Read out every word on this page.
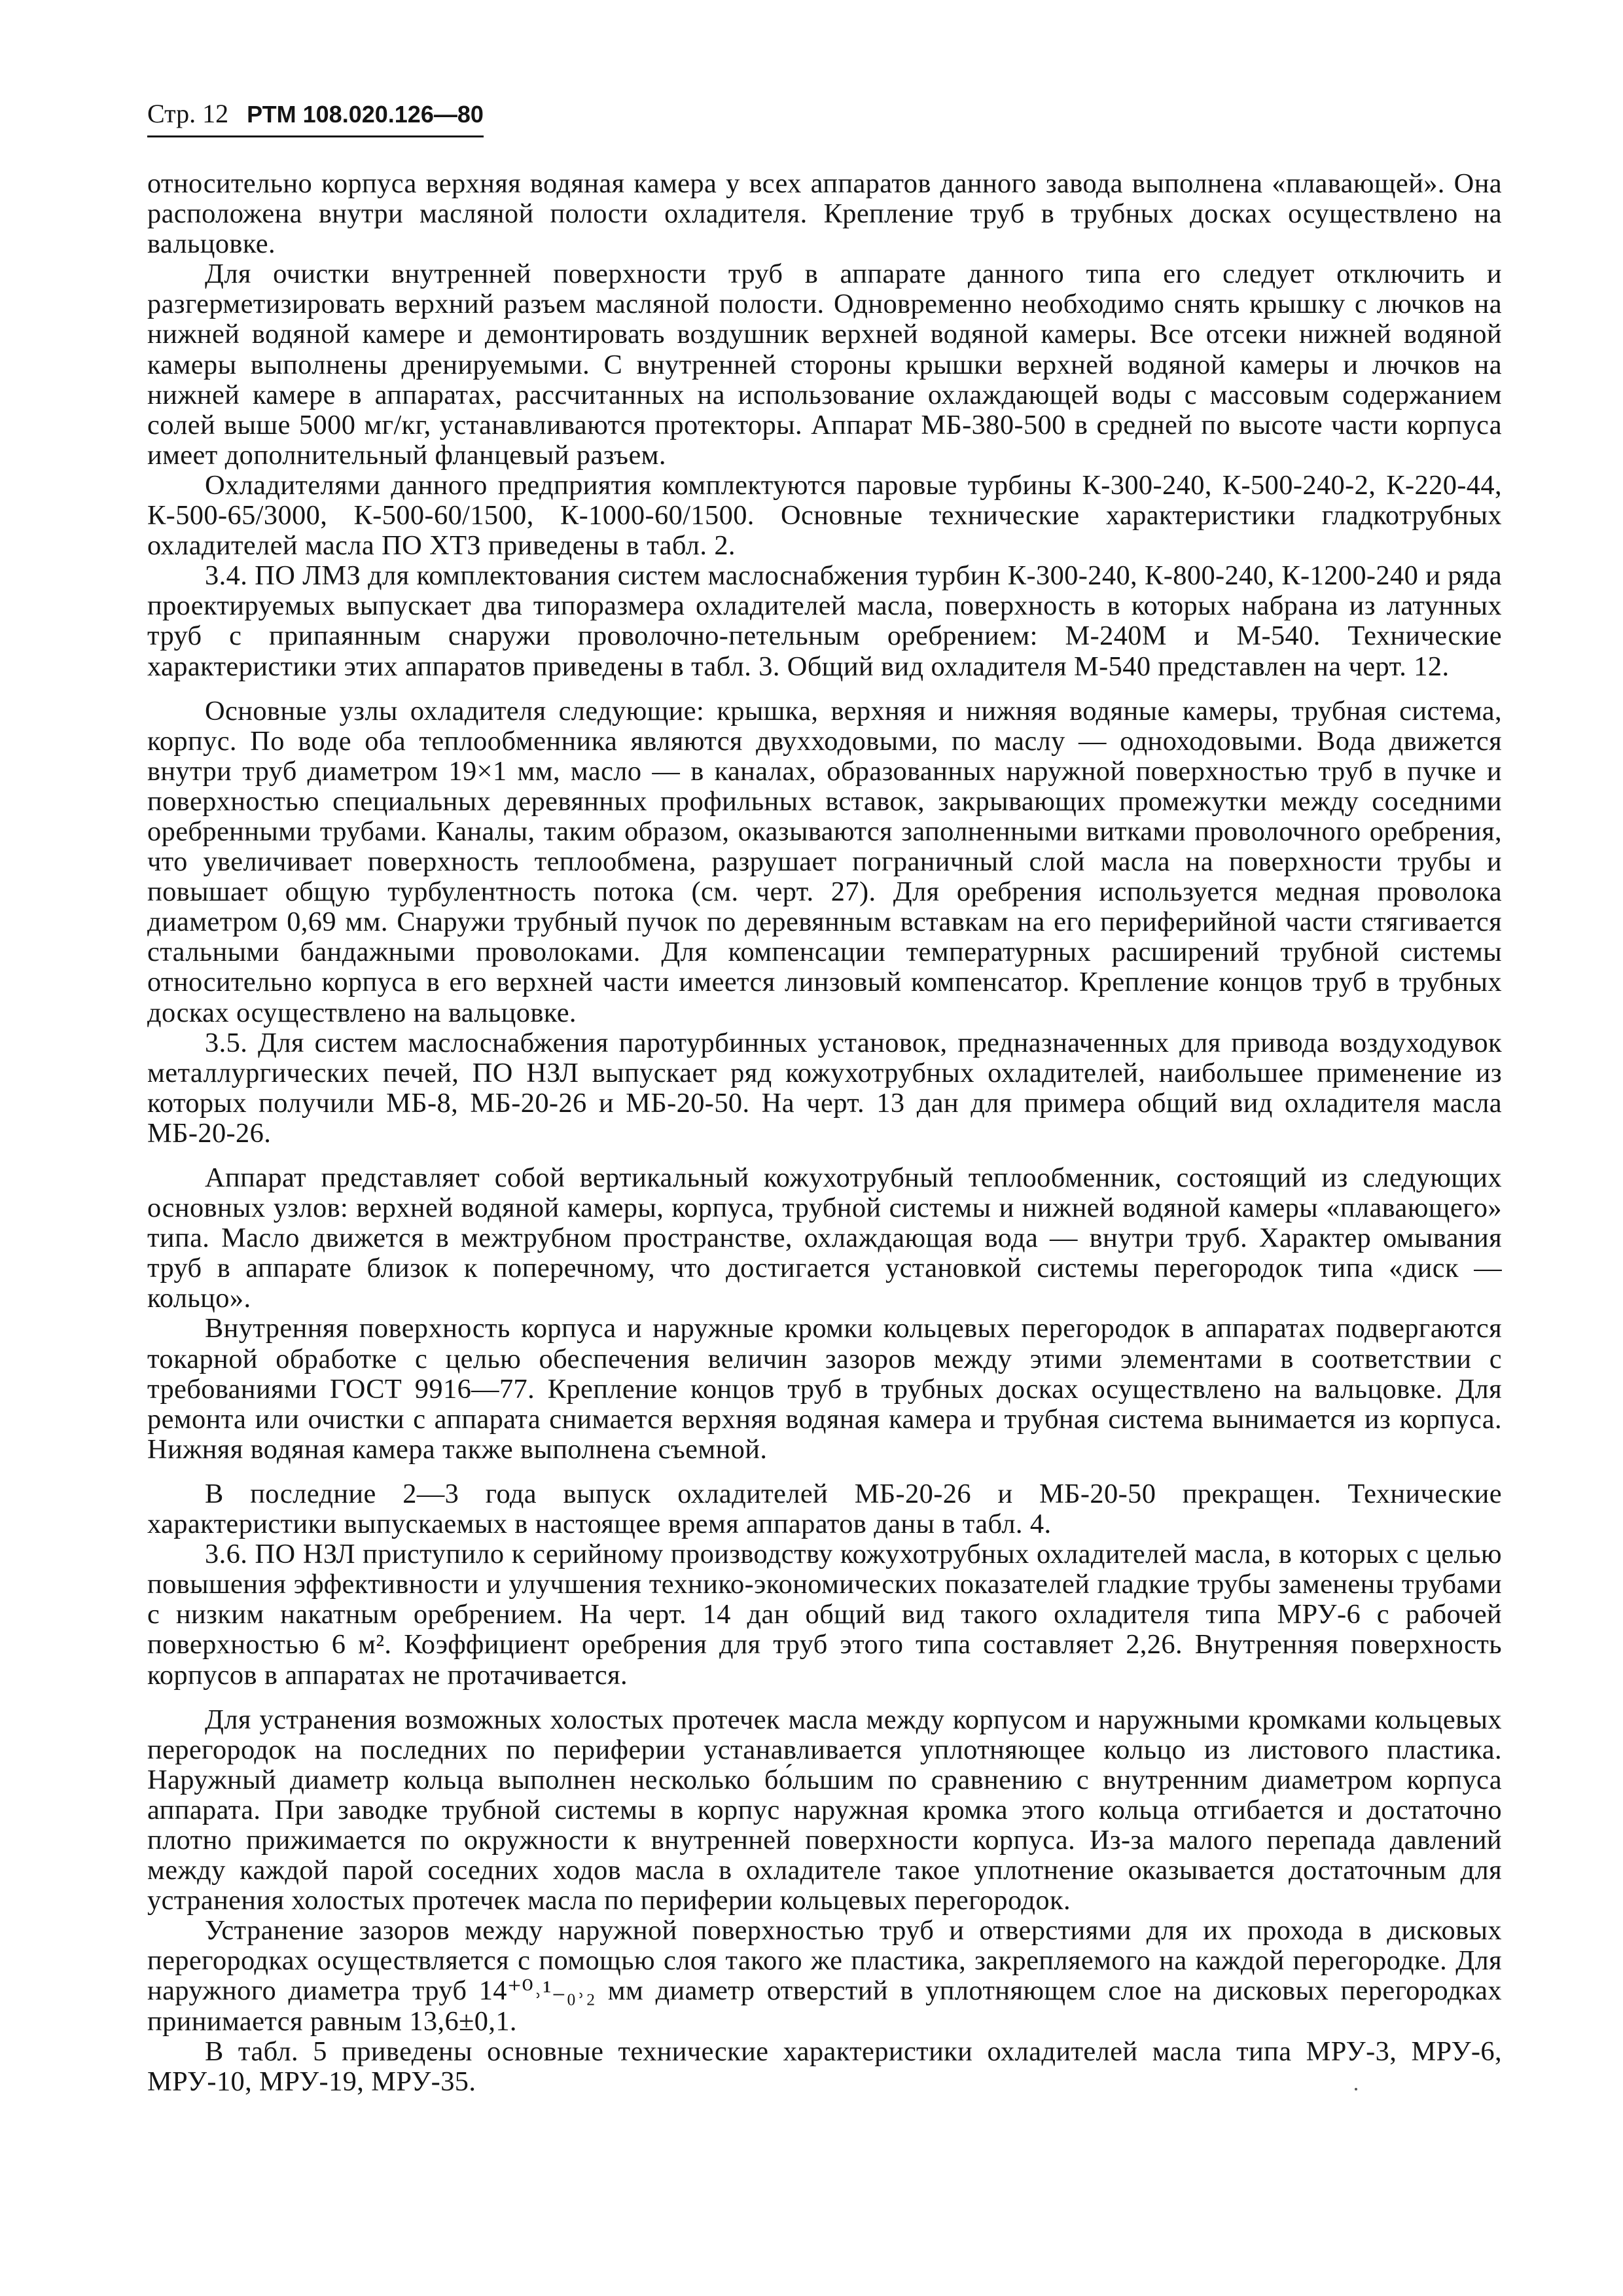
Стр. 12 РТМ 108.020.126—80

относительно корпуса верхняя водяная камера у всех аппаратов данного завода выполнена «плавающей». Она расположена внутри масляной полости охладителя. Крепление труб в трубных досках осуществлено на вальцовке.

Для очистки внутренней поверхности труб в аппарате данного типа его следует отключить и разгерметизировать верхний разъем масляной полости. Одновременно необходимо снять крышку с лючков на нижней водяной камере и демонтировать воздушник верхней водяной камеры. Все отсеки нижней водяной камеры выполнены дренируемыми. С внутренней стороны крышки верхней водяной камеры и лючков на нижней камере в аппаратах, рассчитанных на использование охлаждающей воды с массовым содержанием солей выше 5000 мг/кг, устанавливаются протекторы. Аппарат МБ-380-500 в средней по высоте части корпуса имеет дополнительный фланцевый разъем.

Охладителями данного предприятия комплектуются паровые турбины К-300-240, К-500-240-2, К-220-44, К-500-65/3000, К-500-60/1500, К-1000-60/1500. Основные технические характеристики гладкотрубных охладителей масла ПО ХТЗ приведены в табл. 2.

3.4. ПО ЛМЗ для комплектования систем маслоснабжения турбин К-300-240, К-800-240, К-1200-240 и ряда проектируемых выпускает два типоразмера охладителей масла, поверхность в которых набрана из латунных труб с припаянным снаружи проволочно-петельным оребрением: М-240М и М-540. Технические характеристики этих аппаратов приведены в табл. 3. Общий вид охладителя М-540 представлен на черт. 12.

Основные узлы охладителя следующие: крышка, верхняя и нижняя водяные камеры, трубная система, корпус. По воде оба теплообменника являются двухходовыми, по маслу — одноходовыми. Вода движется внутри труб диаметром 19×1 мм, масло — в каналах, образованных наружной поверхностью труб в пучке и поверхностью специальных деревянных профильных вставок, закрывающих промежутки между соседними оребренными трубами. Каналы, таким образом, оказываются заполненными витками проволочного оребрения, что увеличивает поверхность теплообмена, разрушает пограничный слой масла на поверхности трубы и повышает общую турбулентность потока (см. черт. 27). Для оребрения используется медная проволока диаметром 0,69 мм. Снаружи трубный пучок по деревянным вставкам на его периферийной части стягивается стальными бандажными проволоками. Для компенсации температурных расширений трубной системы относительно корпуса в его верхней части имеется линзовый компенсатор. Крепление концов труб в трубных досках осуществлено на вальцовке.

3.5. Для систем маслоснабжения паротурбинных установок, предназначенных для привода воздуходувок металлургических печей, ПО НЗЛ выпускает ряд кожухотрубных охладителей, наибольшее применение из которых получили МБ-8, МБ-20-26 и МБ-20-50. На черт. 13 дан для примера общий вид охладителя масла МБ-20-26.

Аппарат представляет собой вертикальный кожухотрубный теплообменник, состоящий из следующих основных узлов: верхней водяной камеры, корпуса, трубной системы и нижней водяной камеры «плавающего» типа. Масло движется в межтрубном пространстве, охлаждающая вода — внутри труб. Характер омывания труб в аппарате близок к поперечному, что достигается установкой системы перегородок типа «диск — кольцо».

Внутренняя поверхность корпуса и наружные кромки кольцевых перегородок в аппаратах подвергаются токарной обработке с целью обеспечения величин зазоров между этими элементами в соответствии с требованиями ГОСТ 9916—77. Крепление концов труб в трубных досках осуществлено на вальцовке. Для ремонта или очистки с аппарата снимается верхняя водяная камера и трубная система вынимается из корпуса. Нижняя водяная камера также выполнена съемной.

В последние 2—3 года выпуск охладителей МБ-20-26 и МБ-20-50 прекращен. Технические характеристики выпускаемых в настоящее время аппаратов даны в табл. 4.

3.6. ПО НЗЛ приступило к серийному производству кожухотрубных охладителей масла, в которых с целью повышения эффективности и улучшения технико-экономических показателей гладкие трубы заменены трубами с низким накатным оребрением. На черт. 14 дан общий вид такого охладителя типа МРУ-6 с рабочей поверхностью 6 м². Коэффициент оребрения для труб этого типа составляет 2,26. Внутренняя поверхность корпусов в аппаратах не протачивается.

Для устранения возможных холостых протечек масла между корпусом и наружными кромками кольцевых перегородок на последних по периферии устанавливается уплотняющее кольцо из листового пластика. Наружный диаметр кольца выполнен несколько бо́льшим по сравнению с внутренним диаметром корпуса аппарата. При заводке трубной системы в корпус наружная кромка этого кольца отгибается и достаточно плотно прижимается по окружности к внутренней поверхности корпуса. Из-за малого перепада давлений между каждой парой соседних ходов масла в охладителе такое уплотнение оказывается достаточным для устранения холостых протечек масла по периферии кольцевых перегородок.

Устранение зазоров между наружной поверхностью труб и отверстиями для их прохода в дисковых перегородках осуществляется с помощью слоя такого же пластика, закрепляемого на каждой перегородке. Для наружного диаметра труб 14⁺⁰˒¹₋₀˒₂ мм диаметр отверстий в уплотняющем слое на дисковых перегородках принимается равным 13,6±0,1.

В табл. 5 приведены основные технические характеристики охладителей масла типа МРУ-3, МРУ-6, МРУ-10, МРУ-19, МРУ-35.
